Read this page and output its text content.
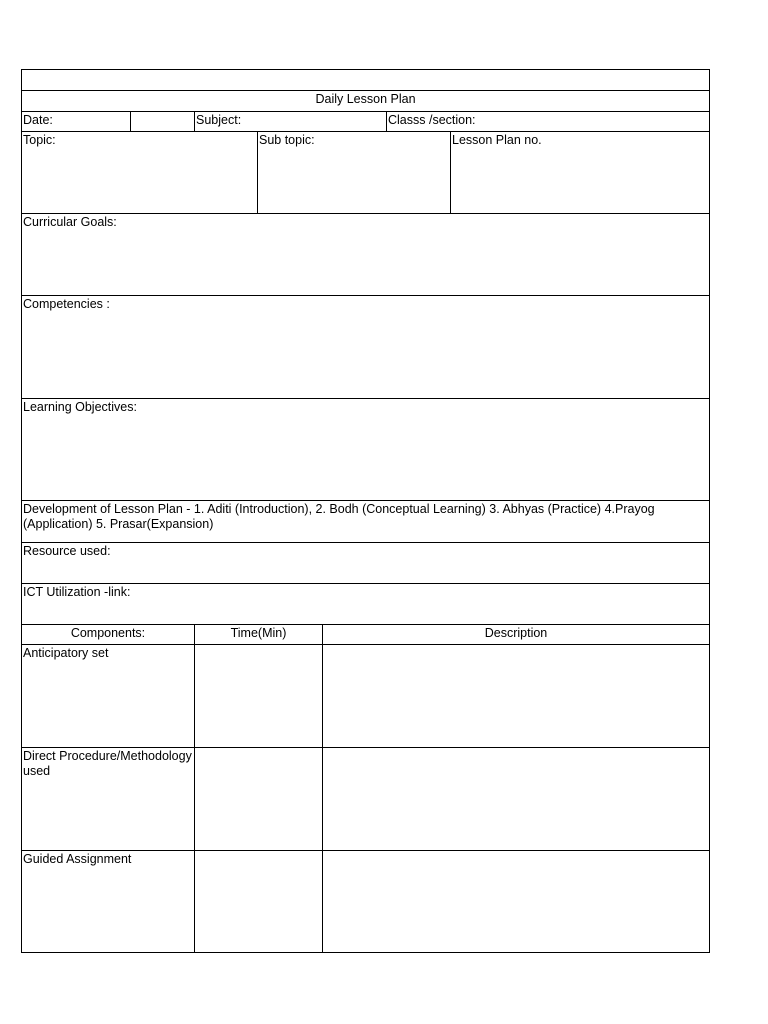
Daily Lesson Plan
Date:	Subject:	Classs /section:
Topic:	Sub topic:	Lesson Plan no.
Curricular Goals:
Competencies :
Learning Objectives:
Development of Lesson Plan - 1. Aditi (Introduction), 2. Bodh (Conceptual Learning) 3. Abhyas (Practice) 4.Prayog (Application) 5. Prasar(Expansion)
Resource used:
ICT Utilization -link:
Components:	Time(Min)	Description
Anticipatory set
Direct Procedure/Methodology used
Guided Assignment
